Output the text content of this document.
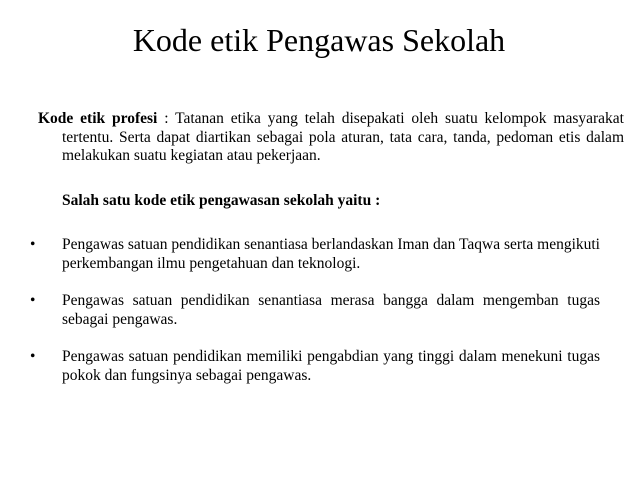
Kode etik Pengawas Sekolah

Kode etik profesi : Tatanan etika yang telah disepakati oleh suatu kelompok masyarakat tertentu. Serta dapat diartikan sebagai pola aturan, tata cara, tanda, pedoman etis dalam melakukan suatu kegiatan atau pekerjaan.

Salah satu kode etik pengawasan sekolah yaitu :
•	Pengawas satuan pendidikan senantiasa berlandaskan Iman dan Taqwa serta mengikuti perkembangan ilmu pengetahuan dan teknologi.
•	Pengawas satuan pendidikan senantiasa merasa bangga dalam mengemban tugas sebagai pengawas.
•	Pengawas satuan pendidikan memiliki pengabdian yang tinggi dalam menekuni tugas pokok dan fungsinya sebagai pengawas.
